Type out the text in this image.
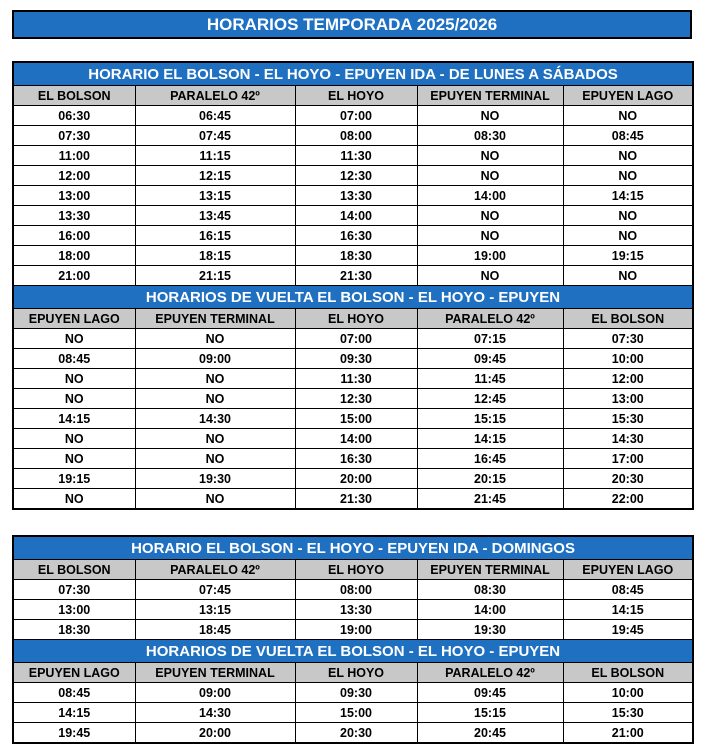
HORARIOS TEMPORADA 2025/2026
HORARIO EL BOLSON - EL HOYO - EPUYEN IDA - DE LUNES A SÁBADOS				
EL BOLSON	PARALELO 42º	EL HOYO	EPUYEN TERMINAL	EPUYEN LAGO
06:30	06:45	07:00	NO	NO
07:30	07:45	08:00	08:30	08:45
11:00	11:15	11:30	NO	NO
12:00	12:15	12:30	NO	NO
13:00	13:15	13:30	14:00	14:15
13:30	13:45	14:00	NO	NO
16:00	16:15	16:30	NO	NO
18:00	18:15	18:30	19:00	19:15
21:00	21:15	21:30	NO	NO
HORARIOS DE VUELTA EL BOLSON - EL HOYO - EPUYEN				
EPUYEN LAGO	EPUYEN TERMINAL	EL HOYO	PARALELO 42º	EL BOLSON
NO	NO	07:00	07:15	07:30
08:45	09:00	09:30	09:45	10:00
NO	NO	11:30	11:45	12:00
NO	NO	12:30	12:45	13:00
14:15	14:30	15:00	15:15	15:30
NO	NO	14:00	14:15	14:30
NO	NO	16:30	16:45	17:00
19:15	19:30	20:00	20:15	20:30
NO	NO	21:30	21:45	22:00
HORARIO EL BOLSON - EL HOYO - EPUYEN IDA - DOMINGOS				
EL BOLSON	PARALELO 42º	EL HOYO	EPUYEN TERMINAL	EPUYEN LAGO
07:30	07:45	08:00	08:30	08:45
13:00	13:15	13:30	14:00	14:15
18:30	18:45	19:00	19:30	19:45
HORARIOS DE VUELTA EL BOLSON - EL HOYO - EPUYEN				
EPUYEN LAGO	EPUYEN TERMINAL	EL HOYO	PARALELO 42º	EL BOLSON
08:45	09:00	09:30	09:45	10:00
14:15	14:30	15:00	15:15	15:30
19:45	20:00	20:30	20:45	21:00
